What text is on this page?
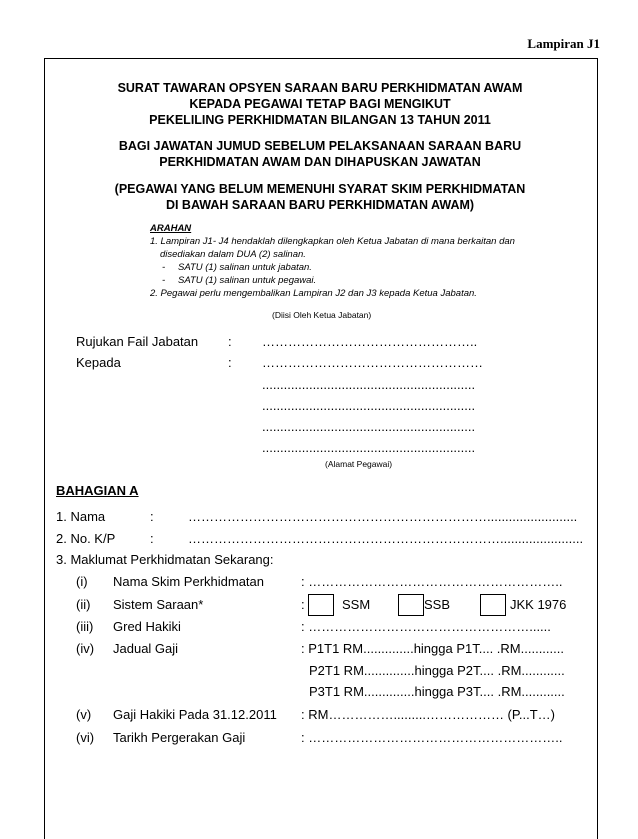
Lampiran J1
SURAT TAWARAN OPSYEN SARAAN BARU PERKHIDMATAN AWAM
KEPADA PEGAWAI TETAP BAGI MENGIKUT
PEKELILING PERKHIDMATAN BILANGAN 13 TAHUN 2011
BAGI JAWATAN JUMUD SEBELUM PELAKSANAAN SARAAN BARU
PERKHIDMATAN AWAM DAN DIHAPUSKAN JAWATAN
(PEGAWAI YANG BELUM MEMENUHI SYARAT SKIM PERKHIDMATAN
DI BAWAH SARAAN BARU PERKHIDMATAN AWAM)
ARAHAN
1. Lampiran J1- J4 hendaklah dilengkapkan oleh Ketua Jabatan di mana berkaitan dan
disediakan dalam DUA (2) salinan.
- SATU (1) salinan untuk jabatan.
- SATU (1) salinan untuk pegawai.
2. Pegawai perlu mengembalikan Lampiran J2 dan J3 kepada Ketua Jabatan.
(Diisi Oleh Ketua Jabatan)
Rujukan Fail Jabatan : …………………………………………..
Kepada	: ……………………………………………
...........................................................
...........................................................
...........................................................
...........................................................
(Alamat Pegawai)
BAHAGIAN A
1. Nama	:	…………………………………………………………….........................
2. No. K/P	:	……………………………………………………………….......................
3. Maklumat Perkhidmatan Sekarang:
(i) Nama Skim Perkhidmatan	: …………………………………………………..
(ii) Sistem Saraan*	:	SSM	SSB	JKK 1976
(iii) Gred Hakiki	: ……………………………………………......
(iv) Jadual Gaji	: P1T1 RM..............hingga P1T.... .RM............
P2T1 RM..............hingga P2T.... .RM............
P3T1 RM..............hingga P3T.... .RM............
(v) Gaji Hakiki Pada 31.12.2011 : RM…………….........……………… (P...T…)
(vi) Tarikh Pergerakan Gaji	: …………………………………………………..
